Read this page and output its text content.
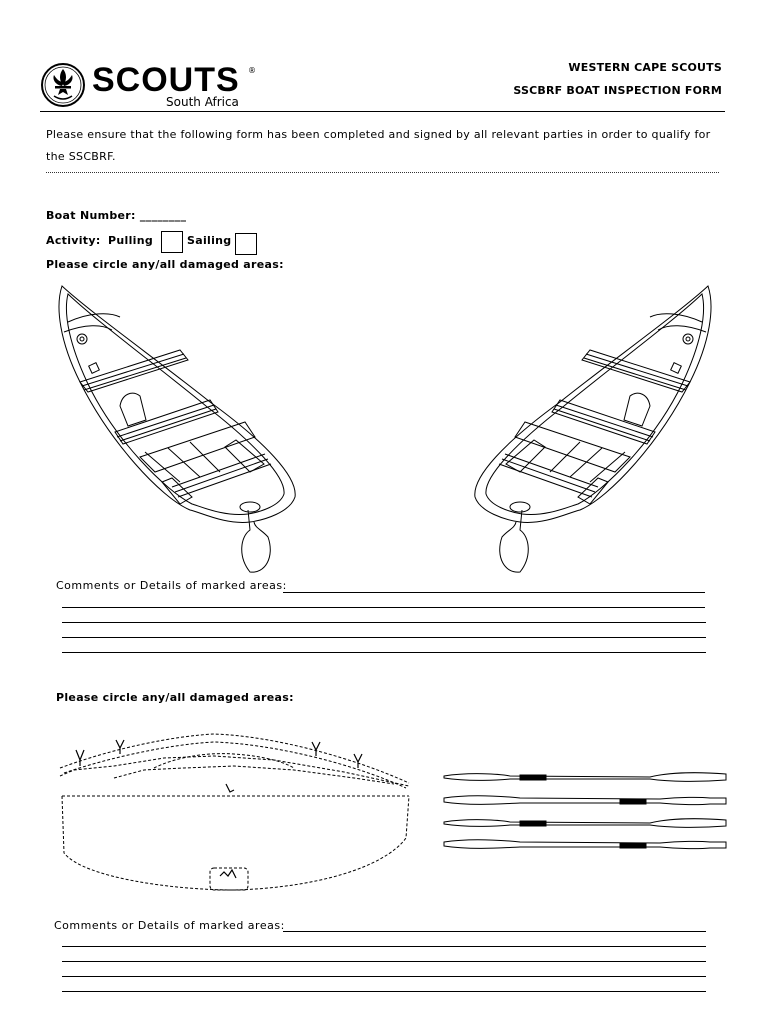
SCOUTS ®
South Africa
WESTERN CAPE SCOUTS
SSCBRF BOAT INSPECTION FORM
Please ensure that the following form has been completed and signed by all relevant parties in order to qualify for the SSCBRF.
Boat Number: ________
Activity: Pulling	Sailing
Please circle any/all damaged areas:
Comments or Details of marked areas:
Please circle any/all damaged areas:
Comments or Details of marked areas:
